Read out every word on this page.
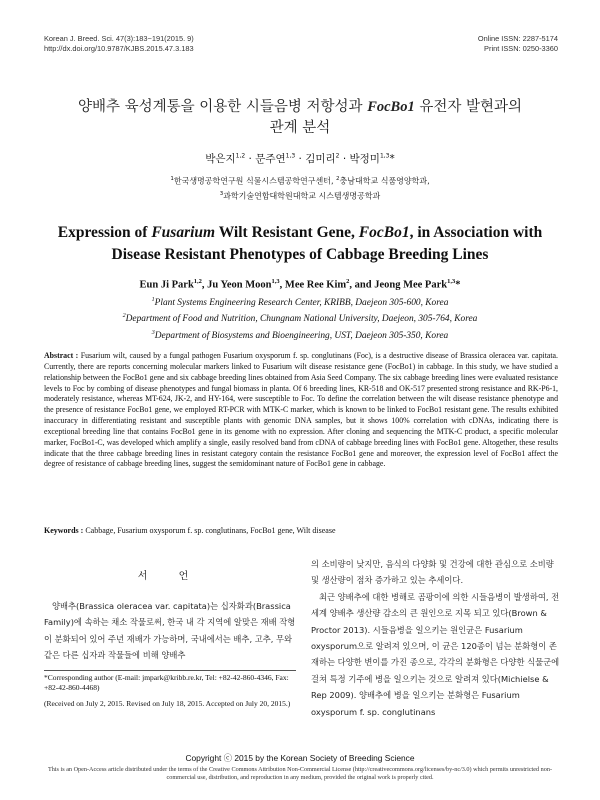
Korean J. Breed. Sci. 47(3):183~191(2015. 9)
http://dx.doi.org/10.9787/KJBS.2015.47.3.183
Online ISSN: 2287-5174
Print ISSN: 0250-3360
양배추 육성계통을 이용한 시들음병 저항성과 FocBo1 유전자 발현과의
관계 분석
박은지$^{1,2}$ · 문주연$^{1,3}$ · 김미리$^2$ · 박정미$^{1,3}$*
$^1$한국생명공학연구원 식물시스템공학연구센터, $^2$충남대학교 식품영양학과,
$^3$과학기술연합대학원대학교 시스템생명공학과
Expression of Fusarium Wilt Resistant Gene, FocBo1, in Association with
Disease Resistant Phenotypes of Cabbage Breeding Lines
Eun Ji Park$^{1,2}$, Ju Yeon Moon$^{1,3}$, Mee Ree Kim$^2$, and Jeong Mee Park$^{1,3}$*
$^1$Plant Systems Engineering Research Center, KRIBB, Daejeon 305-600, Korea
$^2$Department of Food and Nutrition, Chungnam National University, Daejeon, 305-764, Korea
$^3$Department of Biosystems and Bioengineering, UST, Daejeon 305-350, Korea
Abstract : Fusarium wilt, caused by a fungal pathogen Fusarium oxysporum f. sp. conglutinans (Foc), is a destructive disease of Brassica oleracea var. capitata. Currently, there are reports concerning molecular markers linked to Fusarium wilt disease resistance gene (FocBo1) in cabbage. In this study, we have studied a relationship between the FocBo1 gene and six cabbage breeding lines obtained from Asia Seed Company. The six cabbage breeding lines were evaluated resistance levels to Foc by combing of disease phenotypes and fungal biomass in planta. Of 6 breeding lines, KR-518 and OK-517 presented strong resistance and RK-P6-1, moderately resistance, whereas MT-624, JK-2, and HY-164, were susceptible to Foc. To define the correlation between the wilt disease resistance phenotype and the presence of resistance FocBo1 gene, we employed RT-PCR with MTK-C marker, which is known to be linked to FocBo1 resistant gene. The results exhibited inaccuracy in differentiating resistant and susceptible plants with genomic DNA samples, but it shows 100% correlation with cDNAs, indicating there is exceptional breeding line that contains FocBo1 gene in its genome with no expression. After cloning and sequencing the MTK-C product, a specific molecular marker, FocBo1-C, was developed which amplify a single, easily resolved band from cDNA of cabbage breeding lines with FocBo1 gene. Altogether, these results indicate that the three cabbage breeding lines in resistant category contain the resistance FocBo1 gene and moreover, the expression level of FocBo1 affect the degree of resistance of cabbage breeding lines, suggest the semidominant nature of FocBo1 gene in cabbage.
Keywords : Cabbage, Fusarium oxysporum f. sp. conglutinans, FocBo1 gene, Wilt disease
서 언

양배추(Brassica oleracea var. capitata)는 십자화과(Brassica Family)에 속하는 채소 작물로써, 한국 내 각 지역에 알맞은 재배 작형이 분화되어 있어 주년 재배가 가능하며, 국내에서는 배추, 고추, 무와 같은 다른 십자과 작물들에 비해 양배추

*Corresponding author (E-mail: jmpark@kribb.re.kr, Tel: +82-42-860-4346, Fax: +82-42-860-4468)

(Received on July 2, 2015. Revised on July 18, 2015. Accepted on July 20, 2015.)

의 소비량이 낮지만, 음식의 다양화 및 건강에 대한 관심으로 소비량 및 생산량이 점차 증가하고 있는 추세이다.

최근 양배추에 대한 병해로 곰팡이에 의한 시들음병이 발생하여, 전 세계 양배추 생산량 감소의 큰 원인으로 지목 되고 있다(Brown & Proctor 2013). 시들음병을 일으키는 원인균은 Fusarium oxysporum으로 알려져 있으며, 이 균은 120종이 넘는 분화형이 존재하는 다양한 변이를 가진 종으로, 각각의 분화형은 다양한 식물군에 걸쳐 특정 기주에 병을 일으키는 것으로 알려져 있다(Michielse & Rep 2009). 양배추에 병을 일으키는 분화형은 Fusarium oxysporum f. sp. conglutinans

Copyright ⓒ 2015 by the Korean Society of Breeding Science
This is an Open-Access article distributed under the terms of the Creative Commons Attribution Non-Commercial License (http://creativecommons.org/licenses/by-nc/3.0) which permits unrestricted non-commercial use, distribution, and reproduction in any medium, provided the original work is properly cited.
